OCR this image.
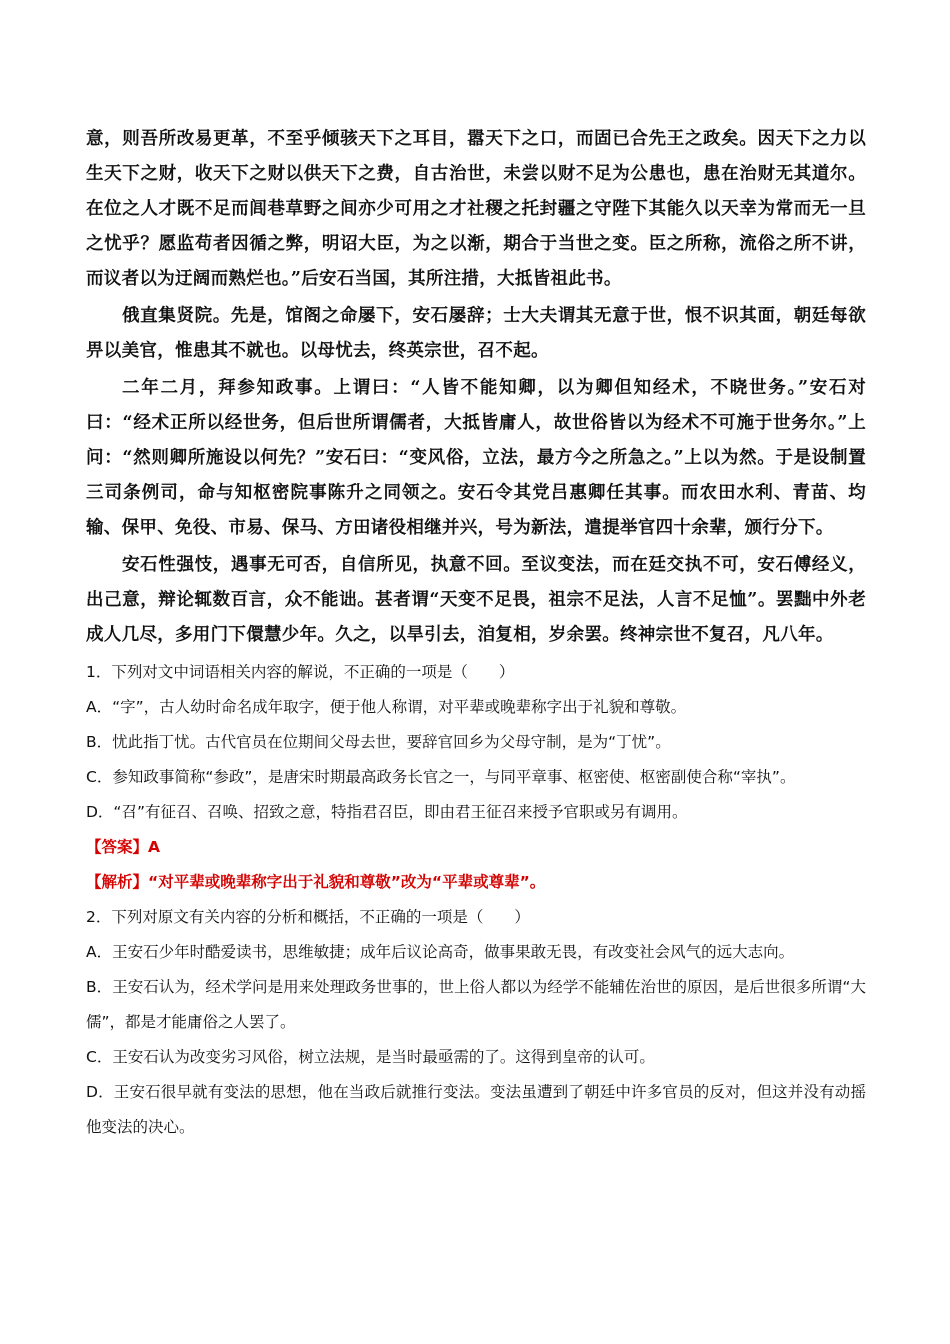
意，则吾所改易更革，不至乎倾骇天下之耳目，嚣天下之口，而固已合先王之政矣。因天下之力以生天下之财，收天下之财以供天下之费，自古治世，未尝以财不足为公患也，患在治财无其道尔。在位之人才既不足而闾巷草野之间亦少可用之才社稷之托封疆之守陛下其能久以天幸为常而无一旦之忧乎？愿监苟者因循之弊，明诏大臣，为之以渐，期合于当世之变。臣之所称，流俗之所不讲，而议者以为迂阔而熟烂也。”后安石当国，其所注措，大抵皆祖此书。

俄直集贤院。先是，馆阁之命屡下，安石屡辞；士大夫谓其无意于世，恨不识其面，朝廷每欲畀以美官，惟患其不就也。以母忧去，终英宗世，召不起。

二年二月，拜参知政事。上谓曰：“人皆不能知卿，以为卿但知经术，不晓世务。”安石对曰：“经术正所以经世务，但后世所谓儒者，大抵皆庸人，故世俗皆以为经术不可施于世务尔。”上问：“然则卿所施设以何先？”安石曰：“变风俗，立法，最方今之所急之。”上以为然。于是设制置三司条例司，命与知枢密院事陈升之同领之。安石令其党吕惠卿任其事。而农田水利、青苗、均输、保甲、免役、市易、保马、方田诸役相继并兴，号为新法，遣提举官四十余辈，颁行分下。

安石性强忮，遇事无可否，自信所见，执意不回。至议变法，而在廷交执不可，安石傅经义，出己意，辩论辄数百言，众不能诎。甚者谓“天变不足畏，祖宗不足法，人言不足恤”。罢黜中外老成人几尽，多用门下儇慧少年。久之，以旱引去，洎复相，岁余罢。终神宗世不复召，凡八年。

1．下列对文中词语相关内容的解说，不正确的一项是（　　）

A．“字”，古人幼时命名成年取字，便于他人称谓，对平辈或晚辈称字出于礼貌和尊敬。

B．忧此指丁忧。古代官员在位期间父母去世，要辞官回乡为父母守制，是为“丁忧”。

C．参知政事简称“参政”，是唐宋时期最高政务长官之一，与同平章事、枢密使、枢密副使合称“宰执”。

D．“召”有征召、召唤、招致之意，特指君召臣，即由君王征召来授予官职或另有调用。

【答案】A

【解析】“对平辈或晚辈称字出于礼貌和尊敬”改为“平辈或尊辈”。

2．下列对原文有关内容的分析和概括，不正确的一项是（　　）

A．王安石少年时酷爱读书，思维敏捷；成年后议论高奇，做事果敢无畏，有改变社会风气的远大志向。

B．王安石认为，经术学问是用来处理政务世事的，世上俗人都以为经学不能辅佐治世的原因，是后世很多所谓“大儒”，都是才能庸俗之人罢了。

C．王安石认为改变劣习风俗，树立法规，是当时最亟需的了。这得到皇帝的认可。

D．王安石很早就有变法的思想，他在当政后就推行变法。变法虽遭到了朝廷中许多官员的反对，但这并没有动摇他变法的决心。
